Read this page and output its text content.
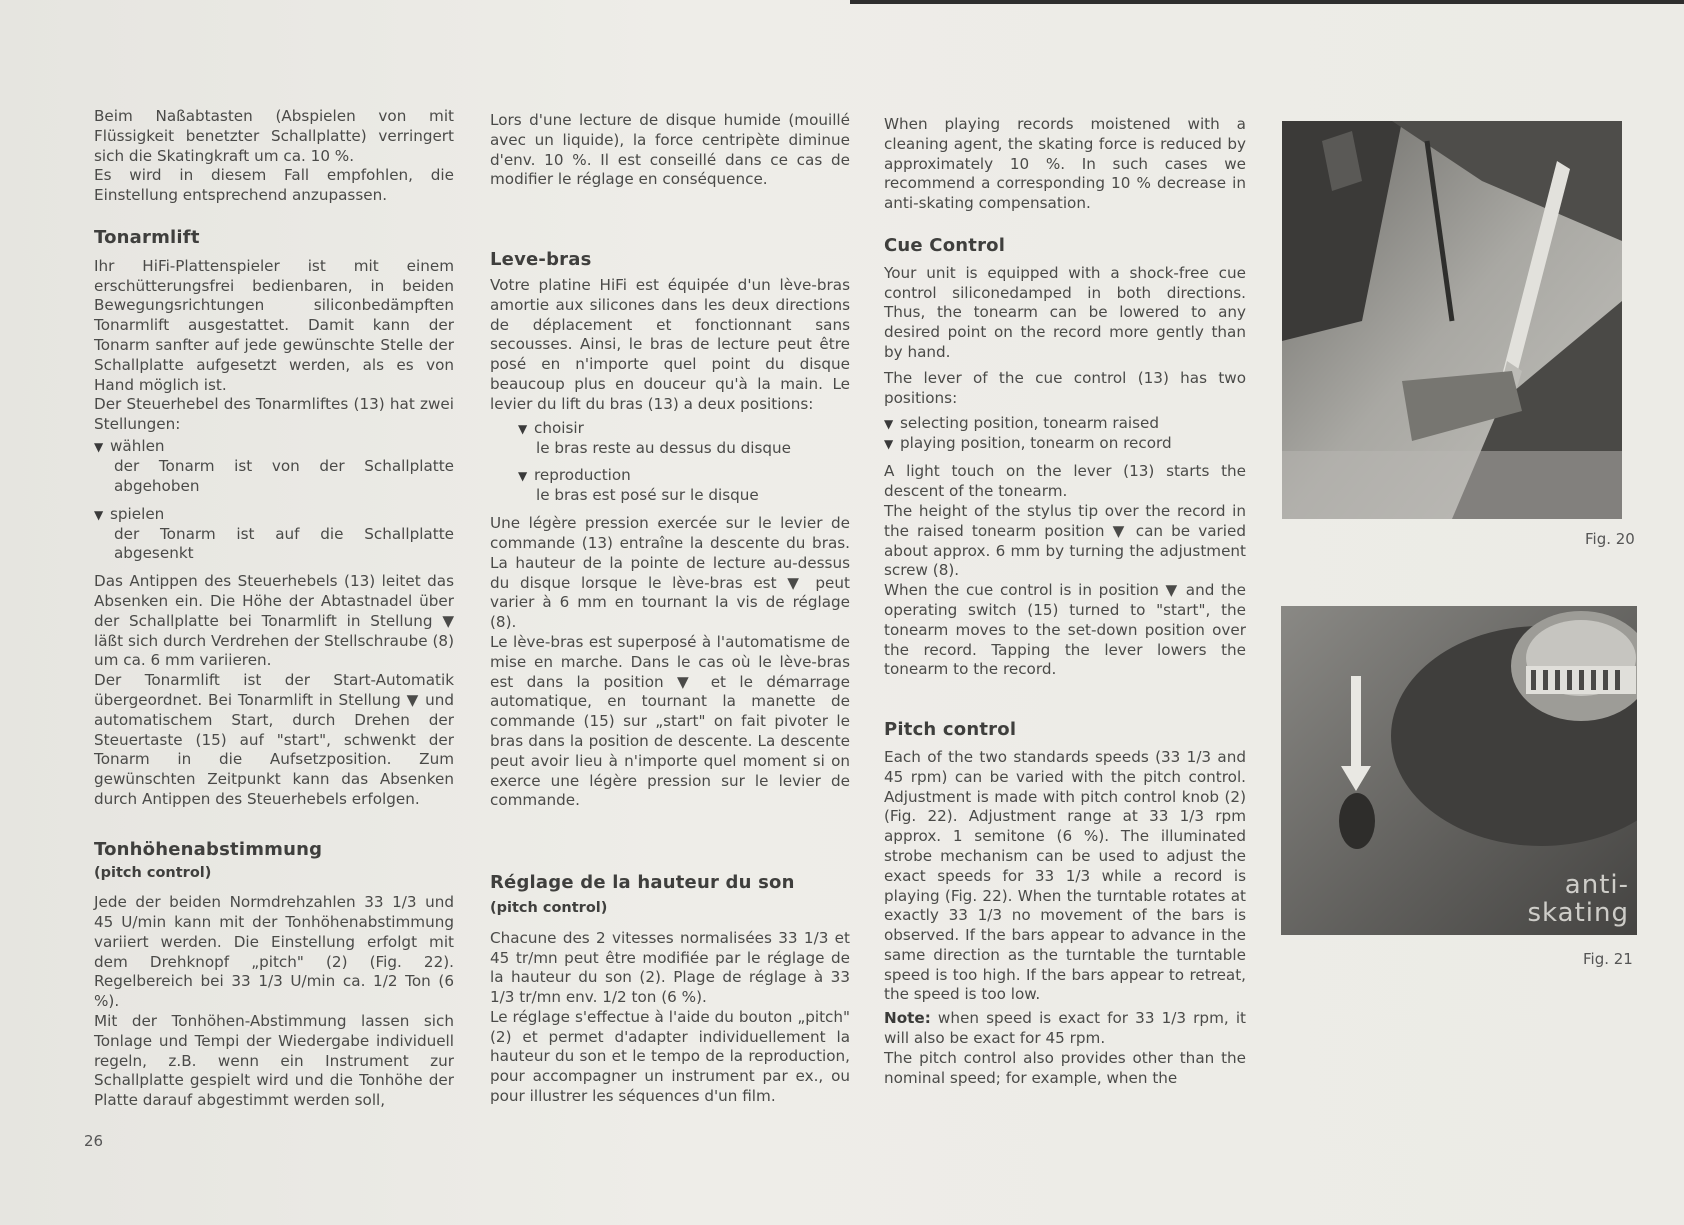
Beim Naßabtasten (Abspielen von mit Flüssigkeit benetzter Schallplatte) verringert sich die Skatingkraft um ca. 10 %.

Es wird in diesem Fall empfohlen, die Einstellung entsprechend anzupassen.

Tonarmlift

Ihr HiFi-Plattenspieler ist mit einem erschütterungsfrei bedienbaren, in beiden Bewegungsrichtungen siliconbedämpften Tonarmlift ausgestattet. Damit kann der Tonarm sanfter auf jede gewünschte Stelle der Schallplatte aufgesetzt werden, als es von Hand möglich ist.

Der Steuerhebel des Tonarmliftes (13) hat zwei Stellungen:

▼ wählen

der Tonarm ist von der Schallplatte abgehoben

▼ spielen

der Tonarm ist auf die Schallplatte abgesenkt

Das Antippen des Steuerhebels (13) leitet das Absenken ein. Die Höhe der Abtastnadel über der Schallplatte bei Tonarmlift in Stellung ▼ läßt sich durch Verdrehen der Stellschraube (8) um ca. 6 mm variieren.

Der Tonarmlift ist der Start-Automatik übergeordnet. Bei Tonarmlift in Stellung ▼ und automatischem Start, durch Drehen der Steuertaste (15) auf "start", schwenkt der Tonarm in die Aufsetzposition. Zum gewünschten Zeitpunkt kann das Absenken durch Antippen des Steuerhebels erfolgen.

Tonhöhenabstimmung
(pitch control)

Jede der beiden Normdrehzahlen 33 1/3 und 45 U/min kann mit der Tonhöhenabstimmung variiert werden. Die Einstellung erfolgt mit dem Drehknopf „pitch" (2) (Fig. 22). Regelbereich bei 33 1/3 U/min ca. 1/2 Ton (6 %).

Mit der Tonhöhen-Abstimmung lassen sich Tonlage und Tempi der Wiedergabe individuell regeln, z.B. wenn ein Instrument zur Schallplatte gespielt wird und die Tonhöhe der Platte darauf abgestimmt werden soll,

Lors d'une lecture de disque humide (mouillé avec un liquide), la force centripète diminue d'env. 10 %. Il est conseillé dans ce cas de modifier le réglage en conséquence.

Leve-bras

Votre platine HiFi est équipée d'un lève-bras amortie aux silicones dans les deux directions de déplacement et fonctionnant sans secousses. Ainsi, le bras de lecture peut être posé en n'importe quel point du disque beaucoup plus en douceur qu'à la main. Le levier du lift du bras (13) a deux positions:

▼ choisir

le bras reste au dessus du disque

▼ reproduction

le bras est posé sur le disque

Une légère pression exercée sur le levier de commande (13) entraîne la descente du bras. La hauteur de la pointe de lecture au-dessus du disque lorsque le lève-bras est ▼ peut varier à 6 mm en tournant la vis de réglage (8).

Le lève-bras est superposé à l'automatisme de mise en marche. Dans le cas où le lève-bras est dans la position ▼ et le démarrage automatique, en tournant la manette de commande (15) sur „start" on fait pivoter le bras dans la position de descente. La descente peut avoir lieu à n'importe quel moment si on exerce une légère pression sur le levier de commande.

Réglage de la hauteur du son
(pitch control)

Chacune des 2 vitesses normalisées 33 1/3 et 45 tr/mn peut être modifiée par le réglage de la hauteur du son (2). Plage de réglage à 33 1/3 tr/mn env. 1/2 ton (6 %).

Le réglage s'effectue à l'aide du bouton „pitch" (2) et permet d'adapter individuellement la hauteur du son et le tempo de la reproduction, pour accompagner un instrument par ex., ou pour illustrer les séquences d'un film.

When playing records moistened with a cleaning agent, the skating force is reduced by approximately 10 %. In such cases we recommend a corresponding 10 % decrease in anti-skating compensation.

Cue Control

Your unit is equipped with a shock-free cue control siliconedamped in both directions. Thus, the tonearm can be lowered to any desired point on the record more gently than by hand.

The lever of the cue control (13) has two positions:

▼ selecting position, tonearm raised
▼ playing position, tonearm on record

A light touch on the lever (13) starts the descent of the tonearm.

The height of the stylus tip over the record in the raised tonearm position ▼ can be varied about approx. 6 mm by turning the adjustment screw (8).

When the cue control is in position ▼ and the operating switch (15) turned to "start", the tonearm moves to the set-down position over the record. Tapping the lever lowers the tonearm to the record.

Pitch control

Each of the two standards speeds (33 1/3 and 45 rpm) can be varied with the pitch control. Adjustment is made with pitch control knob (2) (Fig. 22). Adjustment range at 33 1/3 rpm approx. 1 semitone (6 %). The illuminated strobe mechanism can be used to adjust the exact speeds for 33 1/3 while a record is playing (Fig. 22). When the turntable rotates at exactly 33 1/3 no movement of the bars is observed. If the bars appear to advance in the same direction as the turntable the turntable speed is too high. If the bars appear to retreat, the speed is too low.

Note: when speed is exact for 33 1/3 rpm, it will also be exact for 45 rpm.

The pitch control also provides other than the nominal speed; for example, when the

Fig. 20
anti-
skating
Fig. 21
26
